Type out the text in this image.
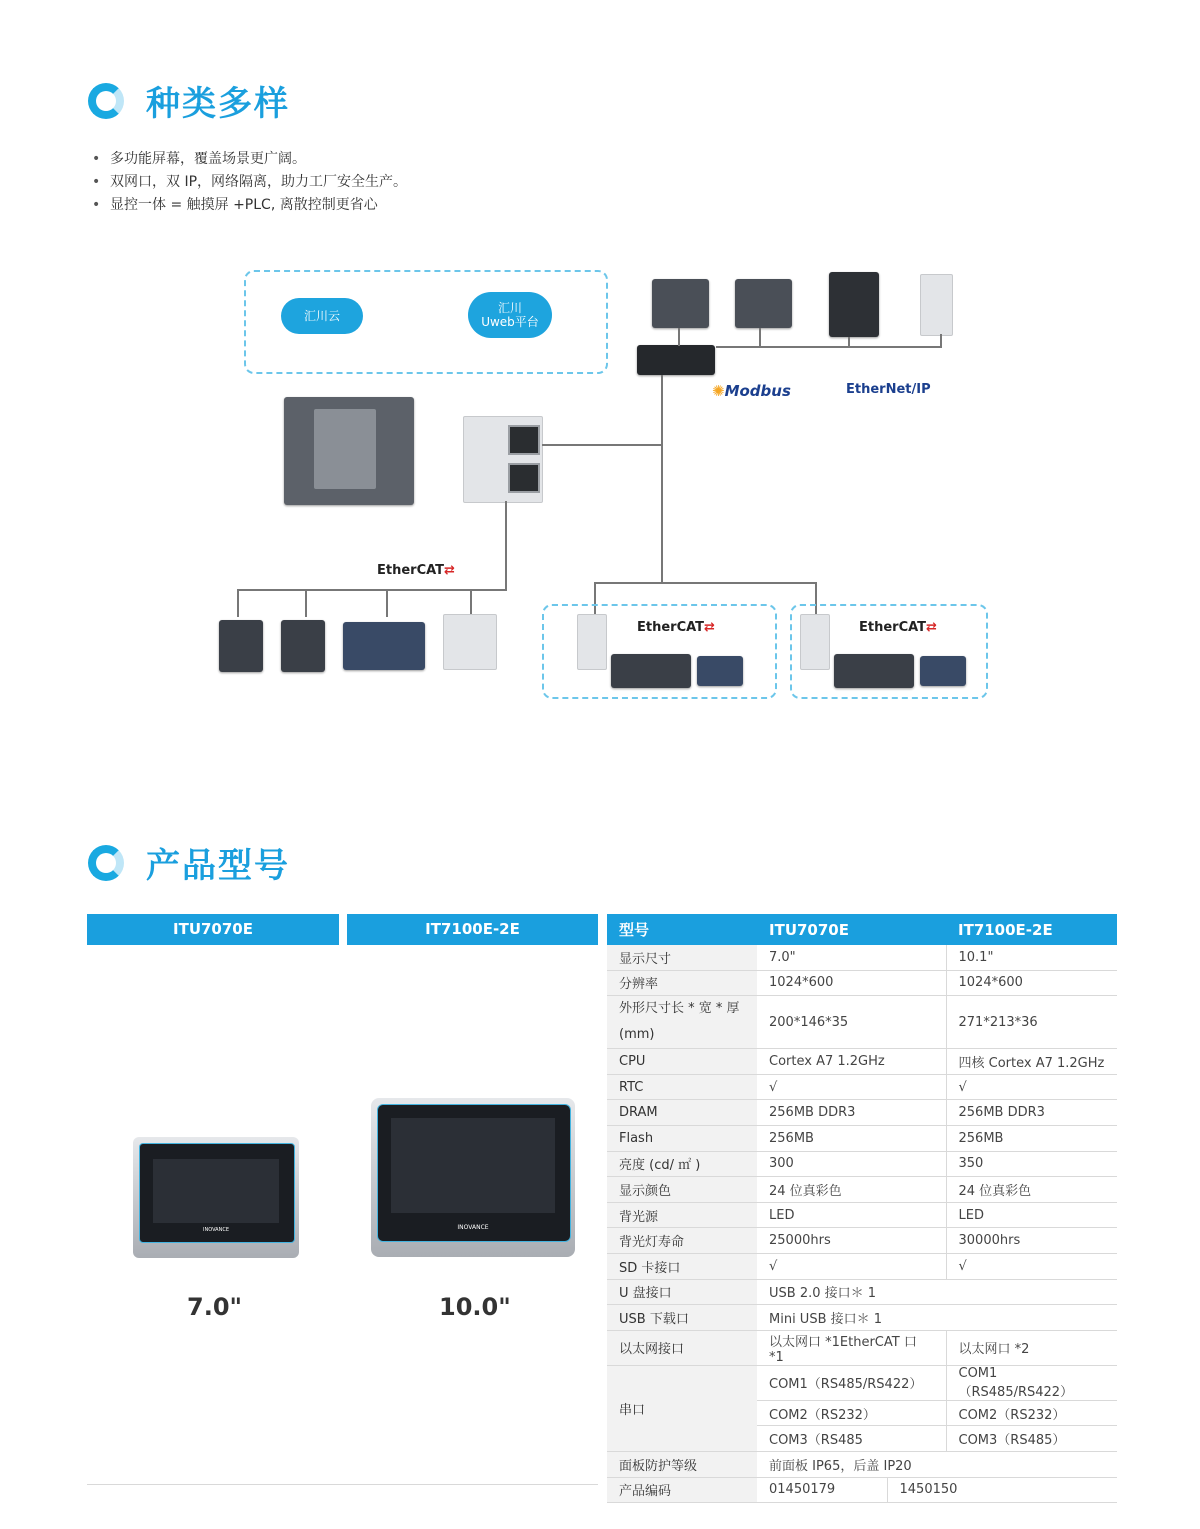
种类多样
• 多功能屏幕，覆盖场景更广阔。
• 双网口，双 IP，网络隔离，助力工厂安全生产。
• 显控一体 = 触摸屏 +PLC, 离散控制更省心
汇川云
汇川
Uweb平台
✺Modbus	EtherNet/IP
EtherCAT⇄
EtherCAT⇄	EtherCAT⇄
产品型号
ITU7070E	IT7100E-2E
INOVANCE	INOVANCE
7.0"	10.0"
型号	ITU7070E		IT7100E-2E
显示尺寸	7.0"		10.1"
分辨率	1024*600		1024*600

外形尺寸长 * 宽 * 厚
(mm)	200*146*35		271*213*36
CPU	Cortex A7 1.2GHz		四核 Cortex A7 1.2GHz
RTC	√		√
DRAM	256MB DDR3		256MB DDR3
Flash	256MB		256MB
亮度 (cd/ ㎡ )	300		350
显示颜色	24 位真彩色		24 位真彩色
背光源	LED		LED
背光灯寿命	25000hrs		30000hrs
SD 卡接口	√		√
U 盘接口	USB 2.0 接口＊ 1		
USB 下载口	Mini USB 接口＊ 1		
以太网接口	以太网口 *1EtherCAT 口 *1		以太网口 *2
串口	COM1（RS485/RS422）		COM1（RS485/RS422）
	COM2（RS232）		COM2（RS232）
	COM3（RS485		COM3（RS485）
面板防护等级	前面板 IP65，后盖 IP20		
产品编码	01450179	1450150	
